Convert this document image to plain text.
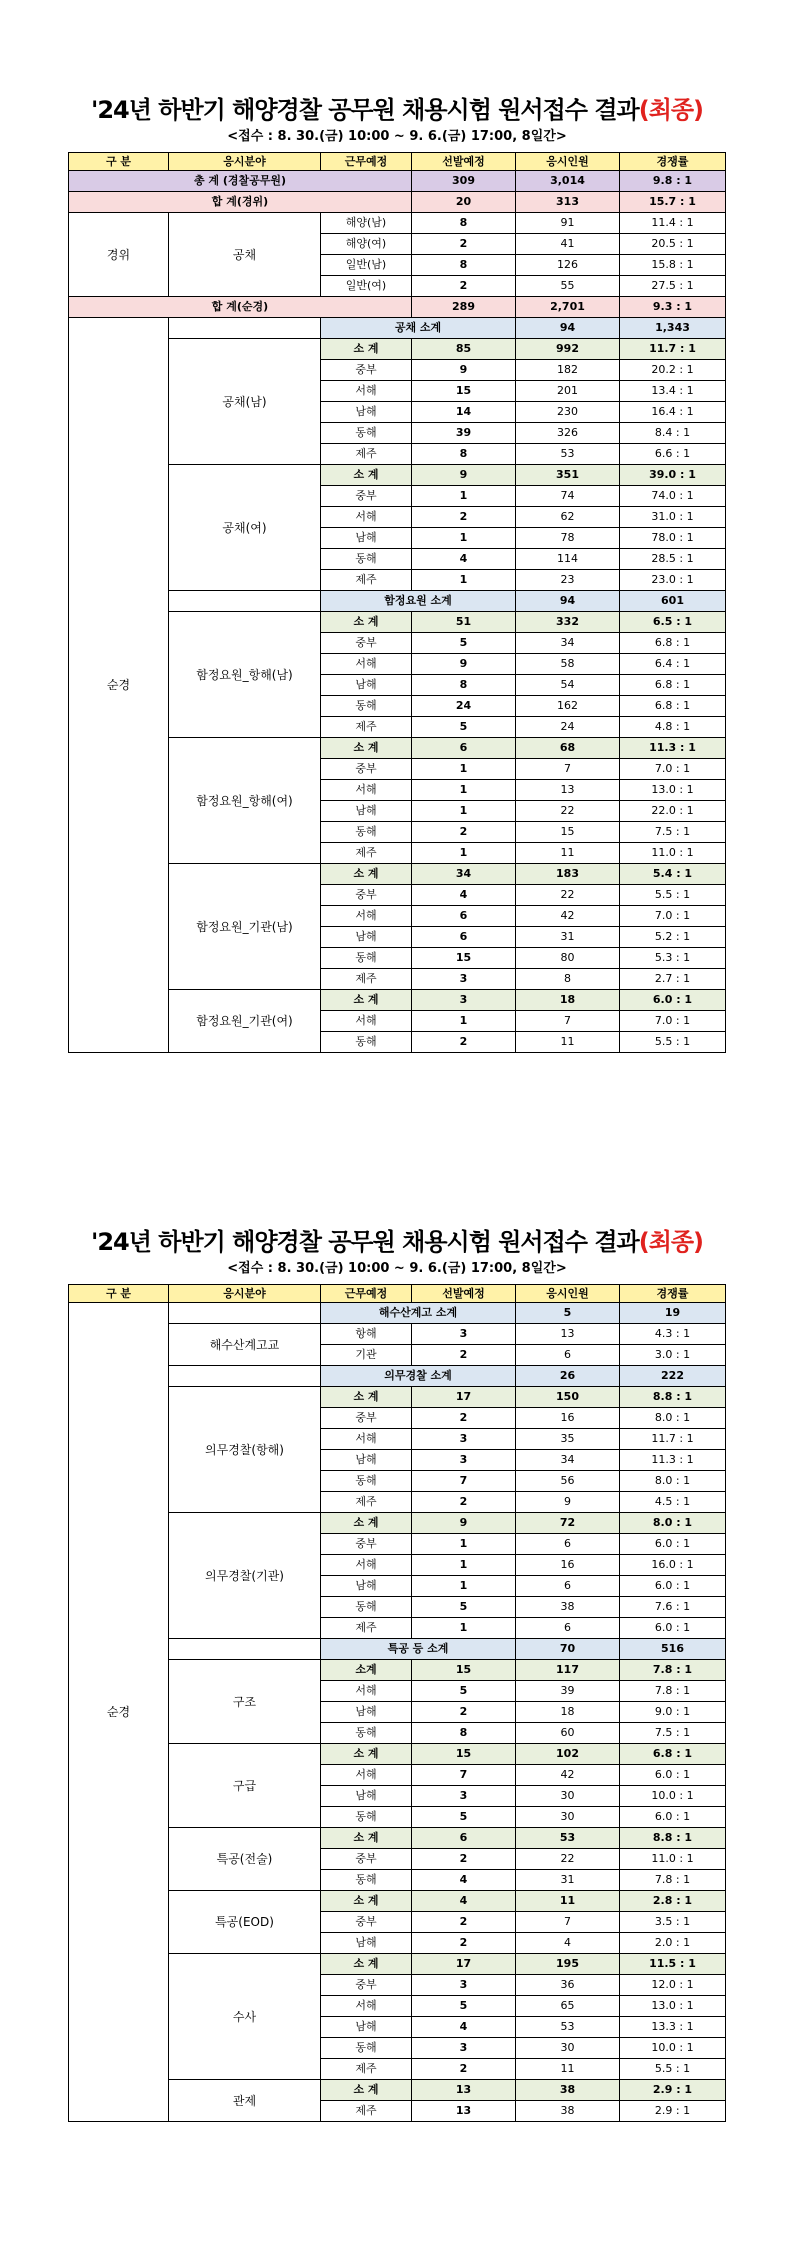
'24년 하반기 해양경찰 공무원 채용시험 원서접수 결과(최종)
<접수 : 8. 30.(금) 10:00 ~ 9. 6.(금) 17:00, 8일간>
구 분	응시분야	근무예정	선발예정	응시인원	경쟁률	
총 계 (경찰공무원)			309	3,014	9.8 : 1	
합 계(경위)			20	313	15.7 : 1	
경위	공채	해양(남)	8	91	11.4 : 1	
		해양(여)	2	41	20.5 : 1	
		일반(남)	8	126	15.8 : 1	
		일반(여)	2	55	27.5 : 1	
합 계(순경)			289	2,701	9.3 : 1	
순경		공채 소계		94	1,343	
	공채(남)	소 계	85	992	11.7 : 1	
		중부	9	182	20.2 : 1	
		서해	15	201	13.4 : 1	
		남해	14	230	16.4 : 1	
		동해	39	326	8.4 : 1	
		제주	8	53	6.6 : 1	
	공채(여)	소 계	9	351	39.0 : 1	
		중부	1	74	74.0 : 1	
		서해	2	62	31.0 : 1	
		남해	1	78	78.0 : 1	
		동해	4	114	28.5 : 1	
		제주	1	23	23.0 : 1	
		함정요원 소계		94	601	
	함정요원_항해(남)	소 계	51	332	6.5 : 1	
		중부	5	34	6.8 : 1	
		서해	9	58	6.4 : 1	
		남해	8	54	6.8 : 1	
		동해	24	162	6.8 : 1	
		제주	5	24	4.8 : 1	
	함정요원_항해(여)	소 계	6	68	11.3 : 1	
		중부	1	7	7.0 : 1	
		서해	1	13	13.0 : 1	
		남해	1	22	22.0 : 1	
		동해	2	15	7.5 : 1	
		제주	1	11	11.0 : 1	
	함정요원_기관(남)	소 계	34	183	5.4 : 1	
		중부	4	22	5.5 : 1	
		서해	6	42	7.0 : 1	
		남해	6	31	5.2 : 1	
		동해	15	80	5.3 : 1	
		제주	3	8	2.7 : 1	
	함정요원_기관(여)	소 계	3	18	6.0 : 1	
		서해	1	7	7.0 : 1	
		동해	2	11	5.5 : 1	
'24년 하반기 해양경찰 공무원 채용시험 원서접수 결과(최종)
<접수 : 8. 30.(금) 10:00 ~ 9. 6.(금) 17:00, 8일간>
구 분	응시분야	근무예정	선발예정	응시인원	경쟁률	
순경		해수산계고 소계		5	19	
	해수산계고교	항해	3	13	4.3 : 1	
		기관	2	6	3.0 : 1	
		의무경찰 소계		26	222	
	의무경찰(항해)	소 계	17	150	8.8 : 1	
		중부	2	16	8.0 : 1	
		서해	3	35	11.7 : 1	
		남해	3	34	11.3 : 1	
		동해	7	56	8.0 : 1	
		제주	2	9	4.5 : 1	
	의무경찰(기관)	소 계	9	72	8.0 : 1	
		중부	1	6	6.0 : 1	
		서해	1	16	16.0 : 1	
		남해	1	6	6.0 : 1	
		동해	5	38	7.6 : 1	
		제주	1	6	6.0 : 1	
		특공 등 소계		70	516	
	구조	소계	15	117	7.8 : 1	
		서해	5	39	7.8 : 1	
		남해	2	18	9.0 : 1	
		동해	8	60	7.5 : 1	
	구급	소 계	15	102	6.8 : 1	
		서해	7	42	6.0 : 1	
		남해	3	30	10.0 : 1	
		동해	5	30	6.0 : 1	
	특공(전술)	소 계	6	53	8.8 : 1	
		중부	2	22	11.0 : 1	
		동해	4	31	7.8 : 1	
	특공(EOD)	소 계	4	11	2.8 : 1	
		중부	2	7	3.5 : 1	
		남해	2	4	2.0 : 1	
	수사	소 계	17	195	11.5 : 1	
		중부	3	36	12.0 : 1	
		서해	5	65	13.0 : 1	
		남해	4	53	13.3 : 1	
		동해	3	30	10.0 : 1	
		제주	2	11	5.5 : 1	
	관제	소 계	13	38	2.9 : 1	
		제주	13	38	2.9 : 1	
